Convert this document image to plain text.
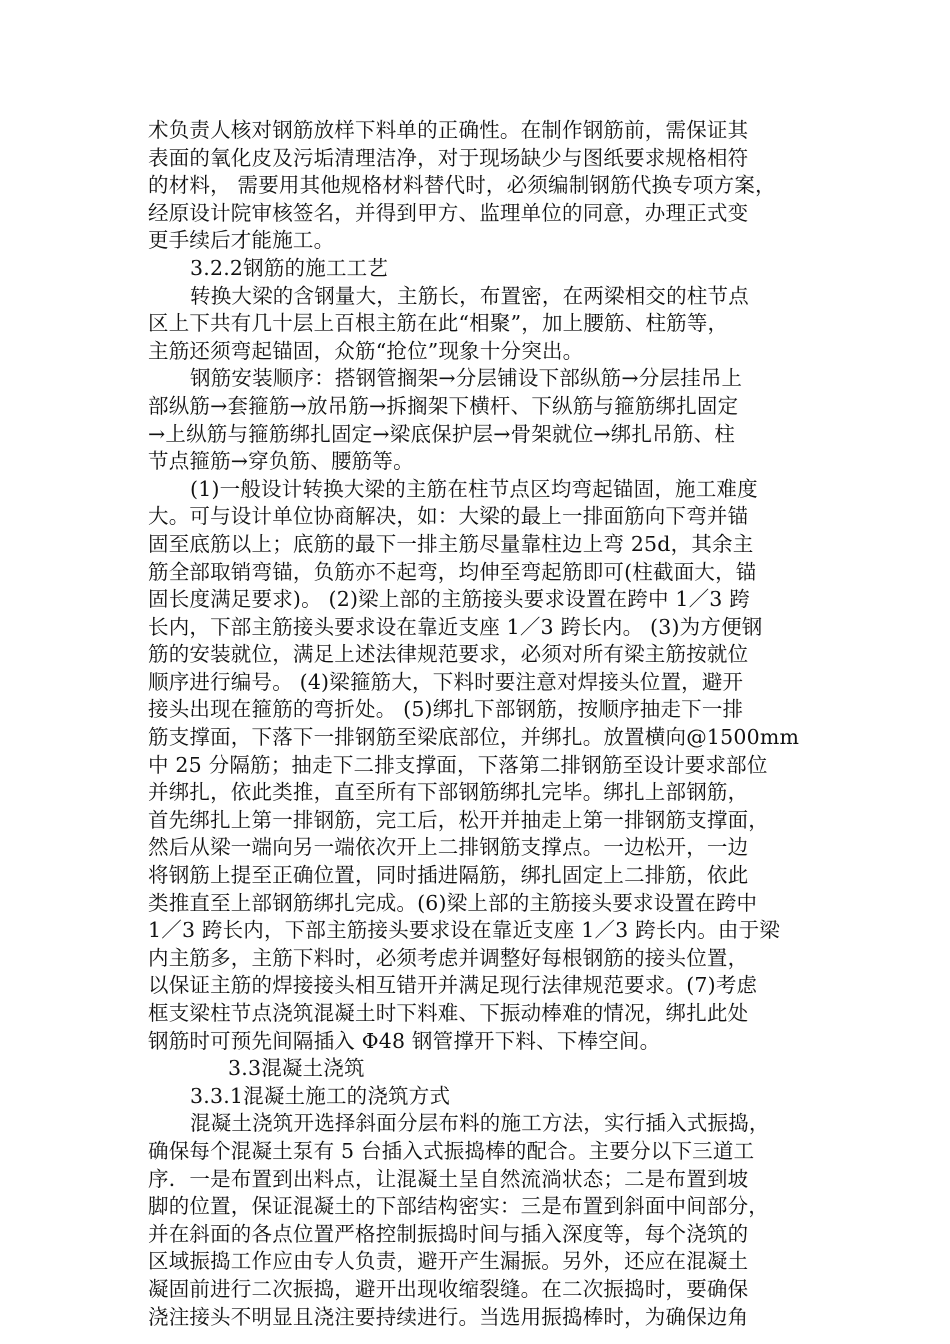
术负责人核对钢筋放样下料单的正确性。在制作钢筋前，需保证其
表面的氧化皮及污垢清理洁净，对于现场缺少与图纸要求规格相符
的材料， 需要用其他规格材料替代时，必须编制钢筋代换专项方案，
经原设计院审核签名，并得到甲方、监理单位的同意，办理正式变
更手续后才能施工。
3.2.2钢筋的施工工艺
转换大梁的含钢量大，主筋长，布置密，在两梁相交的柱节点
区上下共有几十层上百根主筋在此“相聚”，加上腰筋、柱筋等，
主筋还须弯起锚固，众筋“抢位”现象十分突出。
钢筋安装顺序：搭钢管搁架→分层铺设下部纵筋→分层挂吊上
部纵筋→套箍筋→放吊筋→拆搁架下横杆、下纵筋与箍筋绑扎固定
→上纵筋与箍筋绑扎固定→梁底保护层→骨架就位→绑扎吊筋、柱
节点箍筋→穿负筋、腰筋等。
(1)一般设计转换大梁的主筋在柱节点区均弯起锚固，施工难度
大。可与设计单位协商解决，如：大梁的最上一排面筋向下弯并锚
固至底筋以上；底筋的最下一排主筋尽量靠柱边上弯 25d，其余主
筋全部取销弯锚，负筋亦不起弯，均伸至弯起筋即可(柱截面大，锚
固长度满足要求)。 (2)梁上部的主筋接头要求设置在跨中 1／3 跨
长内，下部主筋接头要求设在靠近支座 1／3 跨长内。 (3)为方便钢
筋的安装就位，满足上述法律规范要求，必须对所有梁主筋按就位
顺序进行编号。 (4)梁箍筋大，下料时要注意对焊接头位置，避开
接头出现在箍筋的弯折处。 (5)绑扎下部钢筋，按顺序抽走下一排
筋支撑面，下落下一排钢筋至梁底部位，并绑扎。放置横向@1500mm
中 25 分隔筋；抽走下二排支撑面，下落第二排钢筋至设计要求部位
并绑扎，依此类推，直至所有下部钢筋绑扎完毕。绑扎上部钢筋，
首先绑扎上第一排钢筋，完工后，松开并抽走上第一排钢筋支撑面，
然后从梁一端向另一端依次开上二排钢筋支撑点。一边松开，一边
将钢筋上提至正确位置，同时插进隔筋，绑扎固定上二排筋，依此
类推直至上部钢筋绑扎完成。(6)梁上部的主筋接头要求设置在跨中
1／3 跨长内，下部主筋接头要求设在靠近支座 1／3 跨长内。由于梁
内主筋多，主筋下料时，必须考虑并调整好每根钢筋的接头位置，
以保证主筋的焊接接头相互错开并满足现行法律规范要求。(7)考虑
框支梁柱节点浇筑混凝土时下料难、下振动棒难的情况，绑扎此处
钢筋时可预先间隔插入 Φ48 钢管撑开下料、下棒空间。
3.3混凝土浇筑
3.3.1混凝土施工的浇筑方式
混凝土浇筑开选择斜面分层布料的施工方法，实行插入式振捣，
确保每个混凝土泵有 5 台插入式振捣棒的配合。主要分以下三道工
序．一是布置到出料点，让混凝土呈自然流淌状态；二是布置到坡
脚的位置，保证混凝土的下部结构密实：三是布置到斜面中间部分，
并在斜面的各点位置严格控制振捣时间与插入深度等，每个浇筑的
区域振捣工作应由专人负责，避开产生漏振。另外，还应在混凝土
凝固前进行二次振捣，避开出现收缩裂缝。在二次振捣时，要确保
浇注接头不明显且浇注要持续进行。当选用振捣棒时，为确保边角
